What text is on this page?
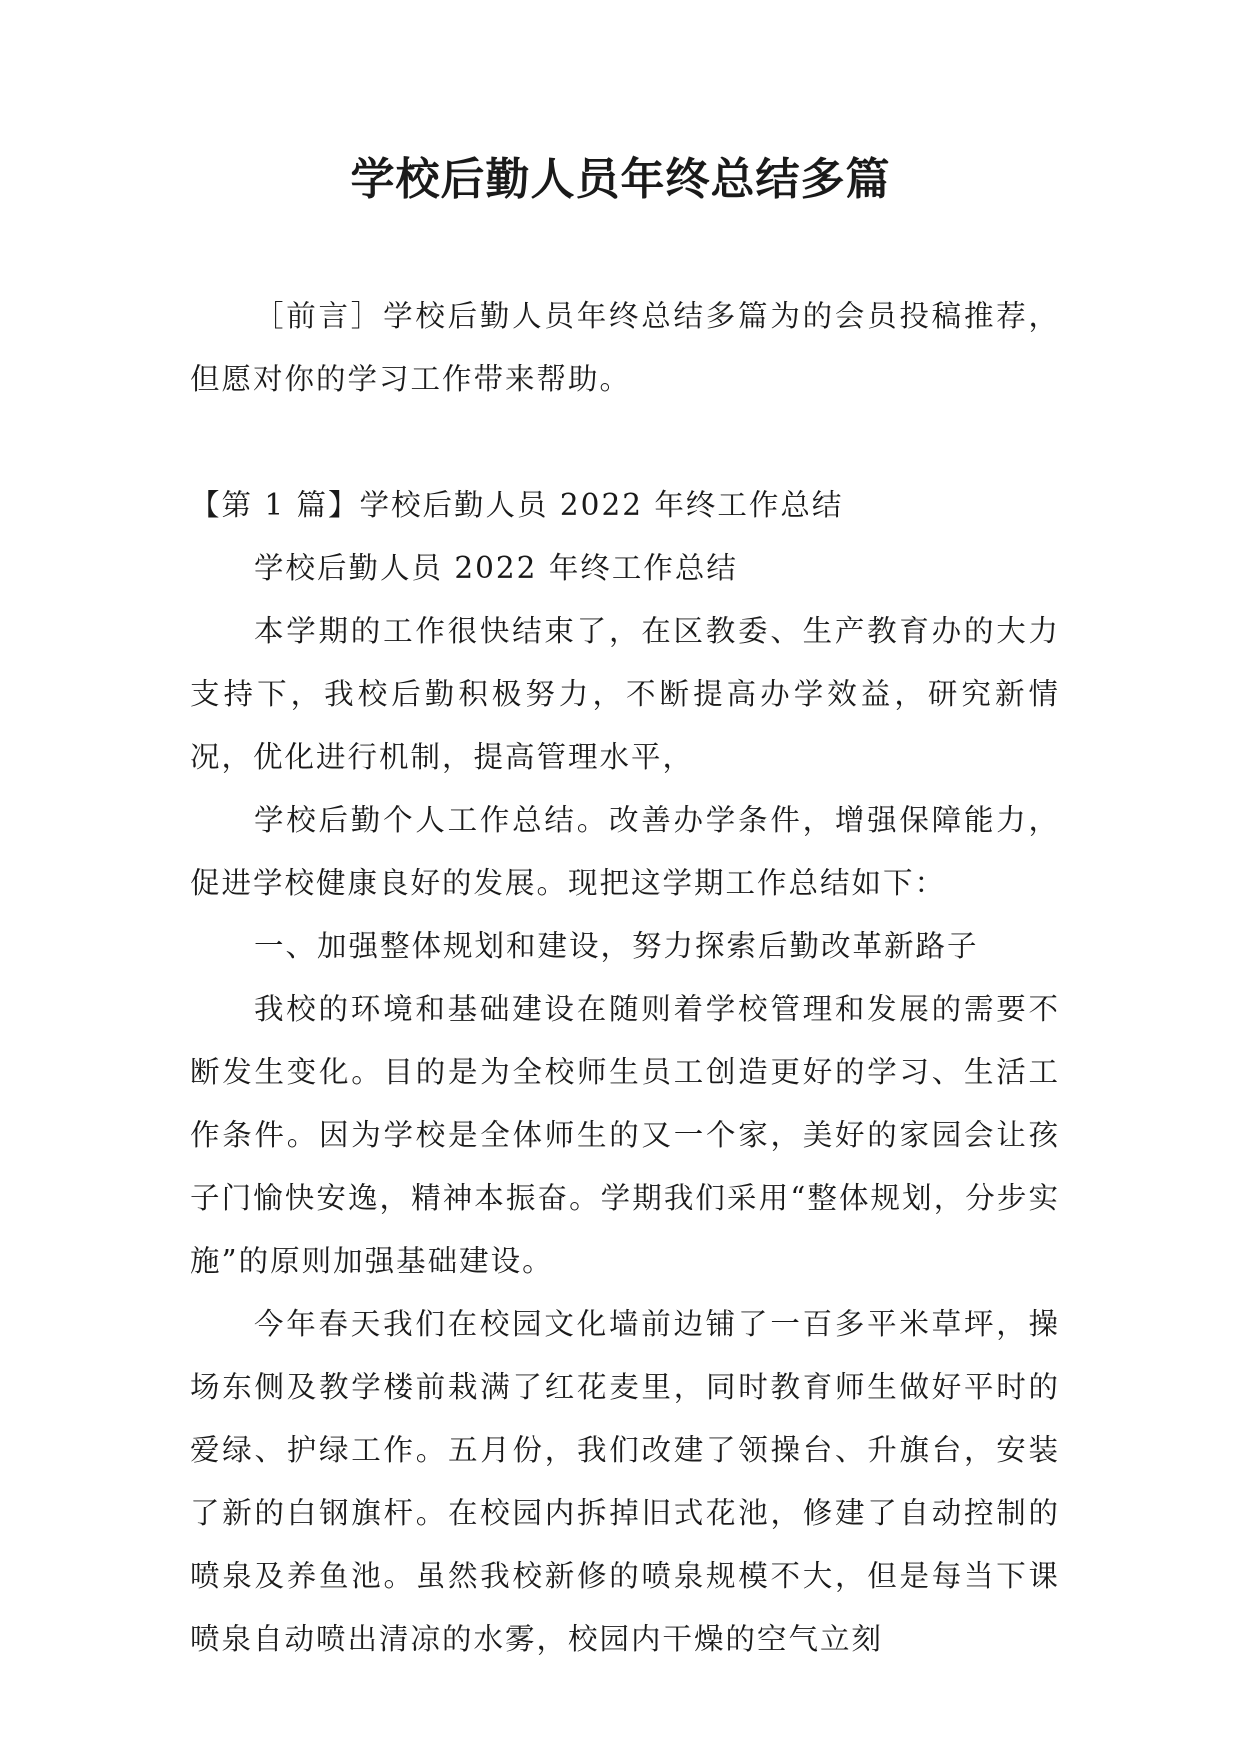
学校后勤人员年终总结多篇

［前言］学校后勤人员年终总结多篇为的会员投稿推荐，但愿对你的学习工作带来帮助。

【第 1 篇】学校后勤人员 2022 年终工作总结

学校后勤人员 2022 年终工作总结

本学期的工作很快结束了，在区教委、生产教育办的大力支持下，我校后勤积极努力，不断提高办学效益，研究新情况，优化进行机制，提高管理水平，

学校后勤个人工作总结。改善办学条件，增强保障能力，促进学校健康良好的发展。现把这学期工作总结如下：

一、加强整体规划和建设，努力探索后勤改革新路子

我校的环境和基础建设在随则着学校管理和发展的需要不断发生变化。目的是为全校师生员工创造更好的学习、生活工作条件。因为学校是全体师生的又一个家，美好的家园会让孩子门愉快安逸，精神本振奋。学期我们采用“整体规划，分步实施”的原则加强基础建设。

今年春天我们在校园文化墙前边铺了一百多平米草坪，操场东侧及教学楼前栽满了红花麦里，同时教育师生做好平时的爱绿、护绿工作。五月份，我们改建了领操台、升旗台，安装了新的白钢旗杆。在校园内拆掉旧式花池，修建了自动控制的喷泉及养鱼池。虽然我校新修的喷泉规模不大，但是每当下课喷泉自动喷出清凉的水雾，校园内干燥的空气立刻
